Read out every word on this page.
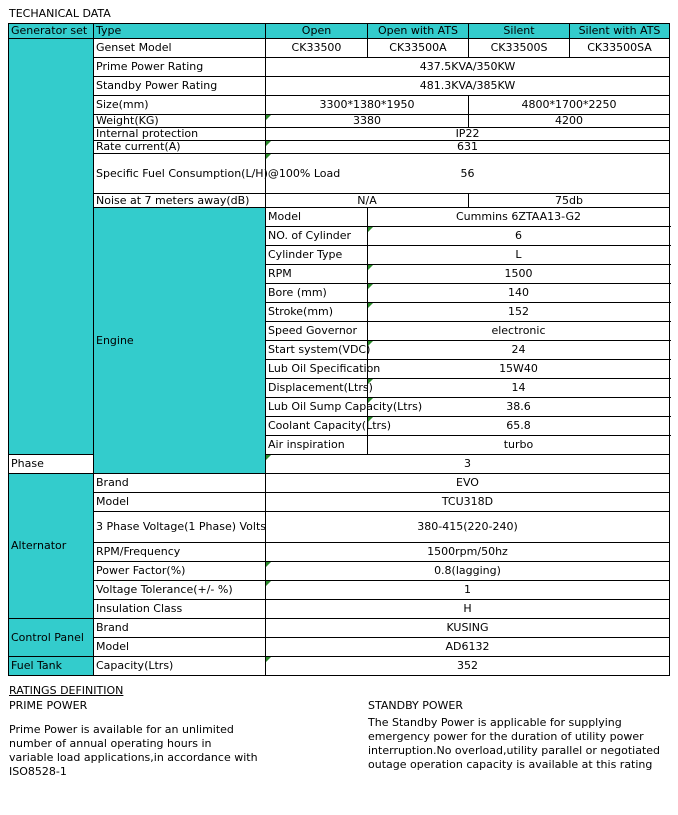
TECHANICAL DATA
Generator set	Type	Open	Open with ATS	Silent	Silent with ATS
	Genset Model	CK33500	CK33500A	CK33500S	CK33500SA
	Prime Power Rating	437.5KVA/350KW			
	Standby Power Rating	481.3KVA/385KW			
	Size(mm)	3300*1380*1950		4800*1700*2250	
	Weight(KG)	3380		4200	
	Internal protection	IP22			
	Rate current(A)	631			
	Specific Fuel Consumption(L/H)@100% Load	56			
	Noise at 7 meters away(dB)	N/A		75db	
	Engine	Model	Cummins 6ZTAA13-G2		
		NO. of Cylinder	6		
		Cylinder Type	L		
		RPM	1500		
		Bore (mm)	140		
		Stroke(mm)	152		
		Speed Governor	electronic		
		Start system(VDC)	24		
		Lub Oil Specification	15W40		
		Displacement(Ltrs)	14		
		Lub Oil Sump Capacity(Ltrs)	38.6		
		Coolant Capacity(Ltrs)	65.8		
		Air inspiration	turbo		
Phase		3			
Alternator	Brand	EVO			
	Model	TCU318D			
	3 Phase Voltage(1 Phase) Volts	380-415(220-240)			
	RPM/Frequency	1500rpm/50hz			
	Power Factor(%)	0.8(lagging)			
	Voltage Tolerance(+/- %)	1			
	Insulation Class	H			
Control Panel	Brand	KUSING			
	Model	AD6132			
Fuel Tank	Capacity(Ltrs)	352			
RATINGS DEFINITION
PRIME POWER
Prime Power is available for an unlimited number of annual operating hours in variable load applications,in accordance with ISO8528-1
STANDBY POWER
The Standby Power is applicable for supplying emergency power for the duration of utility power interruption.No overload,utility parallel or negotiated outage operation capacity is available at this rating
